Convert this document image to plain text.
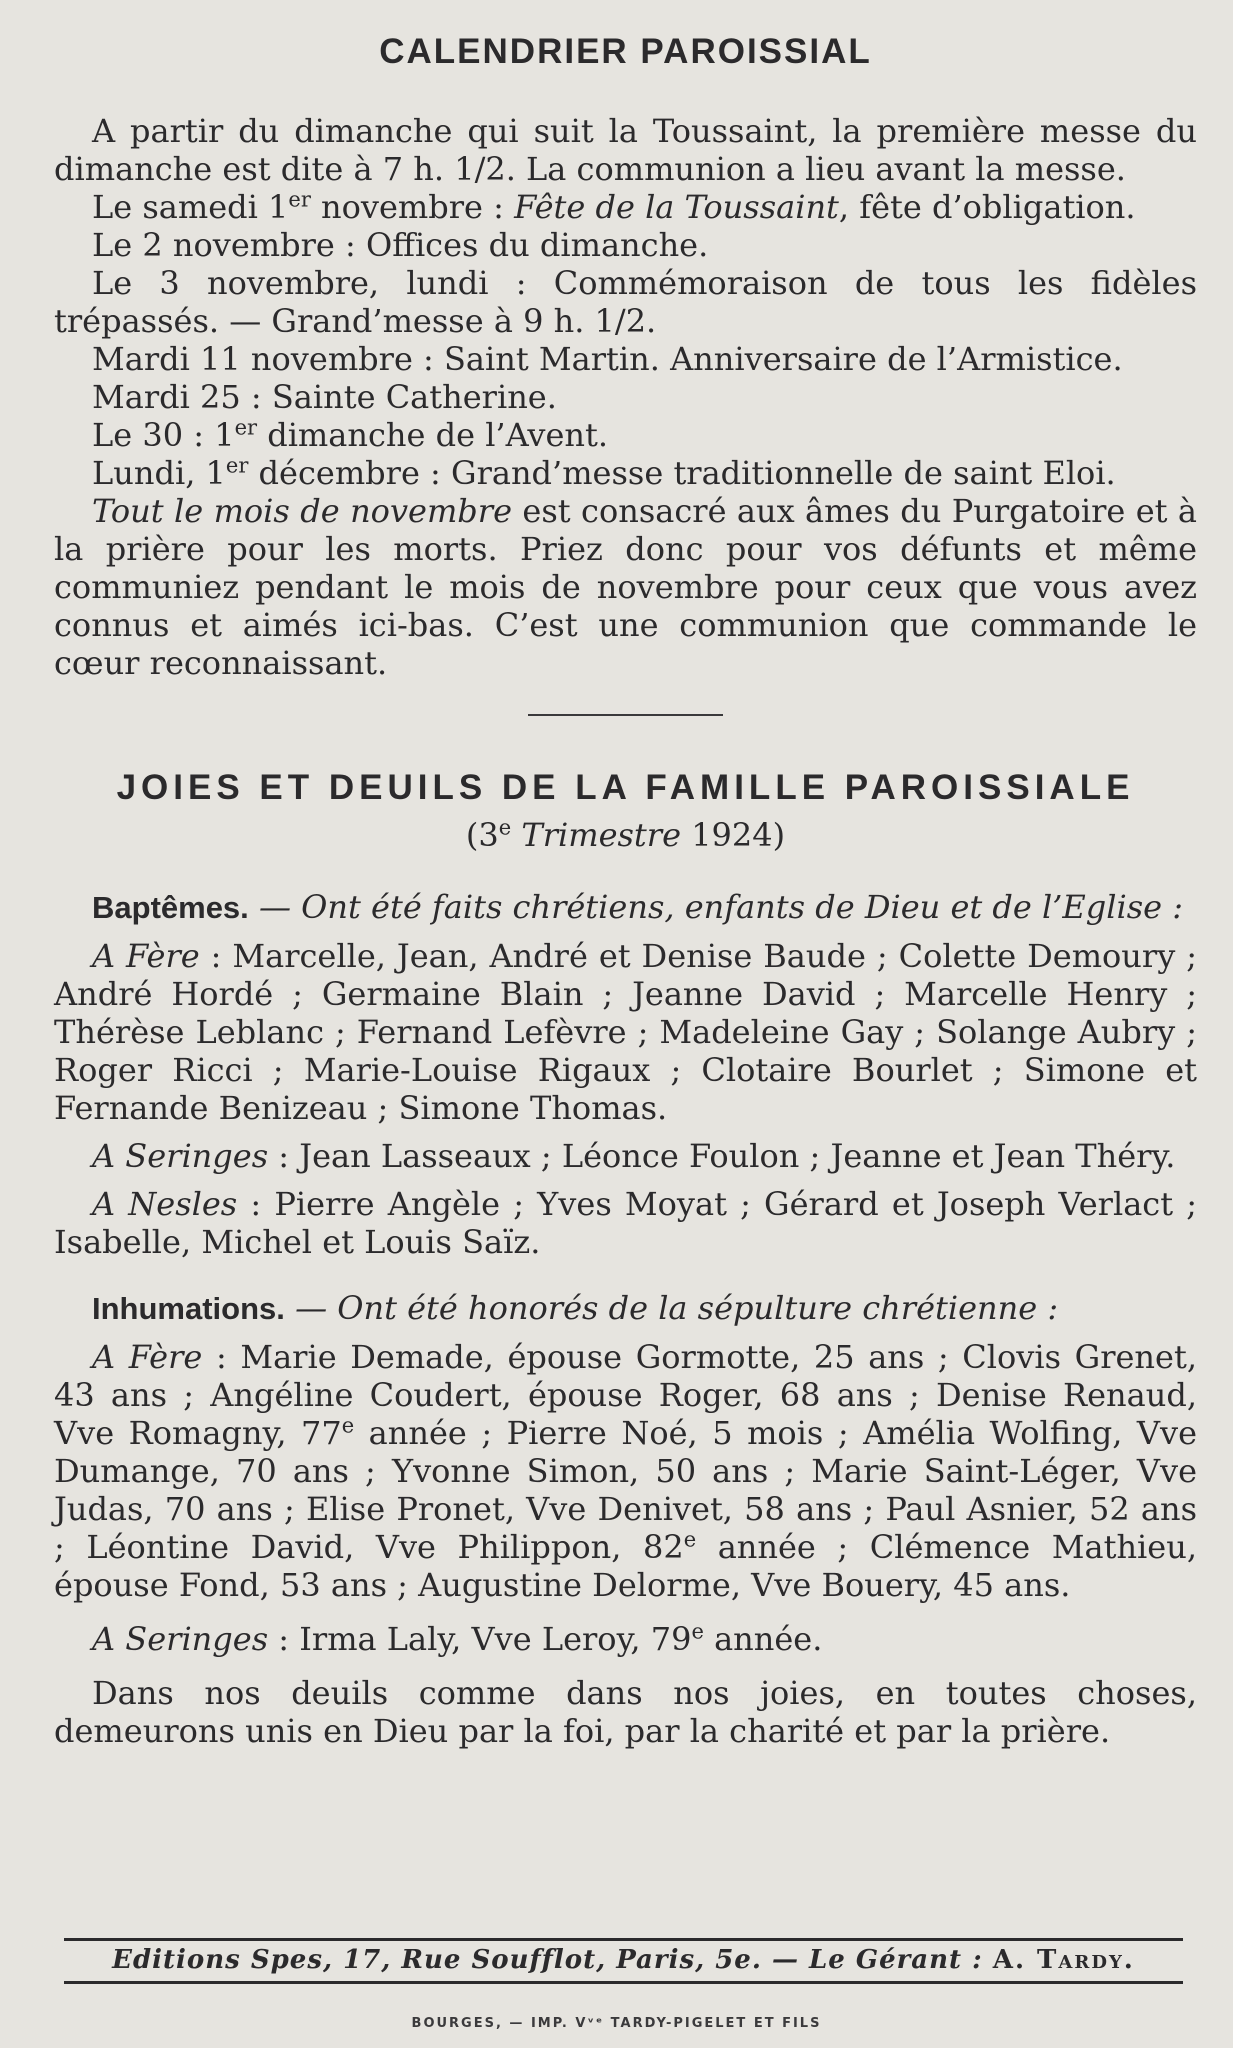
CALENDRIER PAROISSIAL

A partir du dimanche qui suit la Toussaint, la première messe du dimanche est dite à 7 h. 1/2. La communion a lieu avant la messe.

Le samedi 1er novembre : Fête de la Toussaint, fête d’obligation.

Le 2 novembre : Offices du dimanche.

Le 3 novembre, lundi : Commémoraison de tous les fidèles trépassés. — Grand’messe à 9 h. 1/2.

Mardi 11 novembre : Saint Martin. Anniversaire de l’Armistice.

Mardi 25 : Sainte Catherine.

Le 30 : 1er dimanche de l’Avent.

Lundi, 1er décembre : Grand’messe traditionnelle de saint Eloi.

Tout le mois de novembre est consacré aux âmes du Purgatoire et à la prière pour les morts. Priez donc pour vos défunts et même communiez pendant le mois de novembre pour ceux que vous avez connus et aimés ici-bas. C’est une communion que commande le cœur reconnaissant.

JOIES ET DEUILS DE LA FAMILLE PAROISSIALE
(3e Trimestre 1924)

Baptêmes. — Ont été faits chrétiens, enfants de Dieu et de l’Eglise :

A Fère : Marcelle, Jean, André et Denise Baude ; Colette Demoury ; André Hordé ; Germaine Blain ; Jeanne David ; Marcelle Henry ; Thérèse Leblanc ; Fernand Lefèvre ; Madeleine Gay ; Solange Aubry ; Roger Ricci ; Marie-Louise Rigaux ; Clotaire Bourlet ; Simone et Fernande Benizeau ; Simone Thomas.

A Seringes : Jean Lasseaux ; Léonce Foulon ; Jeanne et Jean Théry.

A Nesles : Pierre Angèle ; Yves Moyat ; Gérard et Joseph Verlact ; Isabelle, Michel et Louis Saïz.

Inhumations. — Ont été honorés de la sépulture chrétienne :

A Fère : Marie Demade, épouse Gormotte, 25 ans ; Clovis Grenet, 43 ans ; Angéline Coudert, épouse Roger, 68 ans ; Denise Renaud, Vve Romagny, 77e année ; Pierre Noé, 5 mois ; Amélia Wolfing, Vve Dumange, 70 ans ; Yvonne Simon, 50 ans ; Marie Saint-Léger, Vve Judas, 70 ans ; Elise Pronet, Vve Denivet, 58 ans ; Paul Asnier, 52 ans ; Léontine David, Vve Philippon, 82e année ; Clémence Mathieu, épouse Fond, 53 ans ; Augustine Delorme, Vve Bouery, 45 ans.

A Seringes : Irma Laly, Vve Leroy, 79e année.

Dans nos deuils comme dans nos joies, en toutes choses, demeurons unis en Dieu par la foi, par la charité et par la prière.

Editions Spes, 17, Rue Soufflot, Paris, 5e. — Le Gérant : A. Tardy.
BOURGES, — IMP. Vᵛᵉ TARDY-PIGELET ET FILS
